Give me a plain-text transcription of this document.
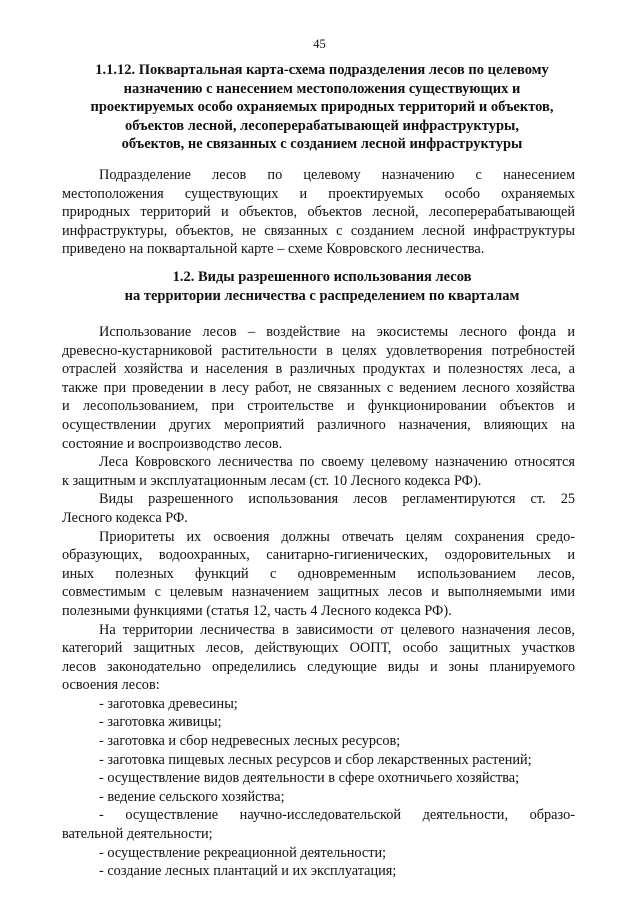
45
1.1.12. Поквартальная карта-схема подразделения лесов по целевому
назначению с нанесением местоположения существующих и
проектируемых особо охраняемых природных территорий и объектов,
объектов лесной, лесоперерабатывающей инфраструктуры,
объектов, не связанных с созданием лесной инфраструктуры
Подразделение лесов по целевому назначению с нанесением
местоположения существующих и проектируемых особо охраняемых
природных территорий и объектов, объектов лесной, лесоперерабатывающей
инфраструктуры, объектов, не связанных с созданием лесной инфраструктуры
приведено на поквартальной карте – схеме Ковровского лесничества.
1.2. Виды разрешенного использования лесов
на территории лесничества с распределением по кварталам
Использование лесов – воздействие на экосистемы лесного фонда и
древесно-кустарниковой растительности в целях удовлетворения потребностей
отраслей хозяйства и населения в различных продуктах и полезностях леса, а
также при проведении в лесу работ, не связанных с ведением лесного хозяйства
и лесопользованием, при строительстве и функционировании объектов и
осуществлении других мероприятий различного назначения, влияющих на
состояние и воспроизводство лесов.
Леса Ковровского лесничества по своему целевому назначению относятся
к защитным и эксплуатационным лесам (ст. 10 Лесного кодекса РФ).
Виды разрешенного использования лесов регламентируются ст. 25
Лесного кодекса РФ.
Приоритеты их освоения должны отвечать целям сохранения средо-
образующих, водоохранных, санитарно-гигиенических, оздоровительных и
иных полезных функций с одновременным использованием лесов,
совместимым с целевым назначением защитных лесов и выполняемыми ими
полезными функциями (статья 12, часть 4 Лесного кодекса РФ).
На территории лесничества в зависимости от целевого назначения лесов,
категорий защитных лесов, действующих ООПТ, особо защитных участков
лесов законодательно определились следующие виды и зоны планируемого
освоения лесов:
- заготовка древесины;
- заготовка живицы;
- заготовка и сбор недревесных лесных ресурсов;
- заготовка пищевых лесных ресурсов и сбор лекарственных растений;
- осуществление видов деятельности в сфере охотничьего хозяйства;
- ведение сельского хозяйства;
- осуществление научно-исследовательской деятельности, образо-
вательной деятельности;
- осуществление рекреационной деятельности;
- создание лесных плантаций и их эксплуатация;
